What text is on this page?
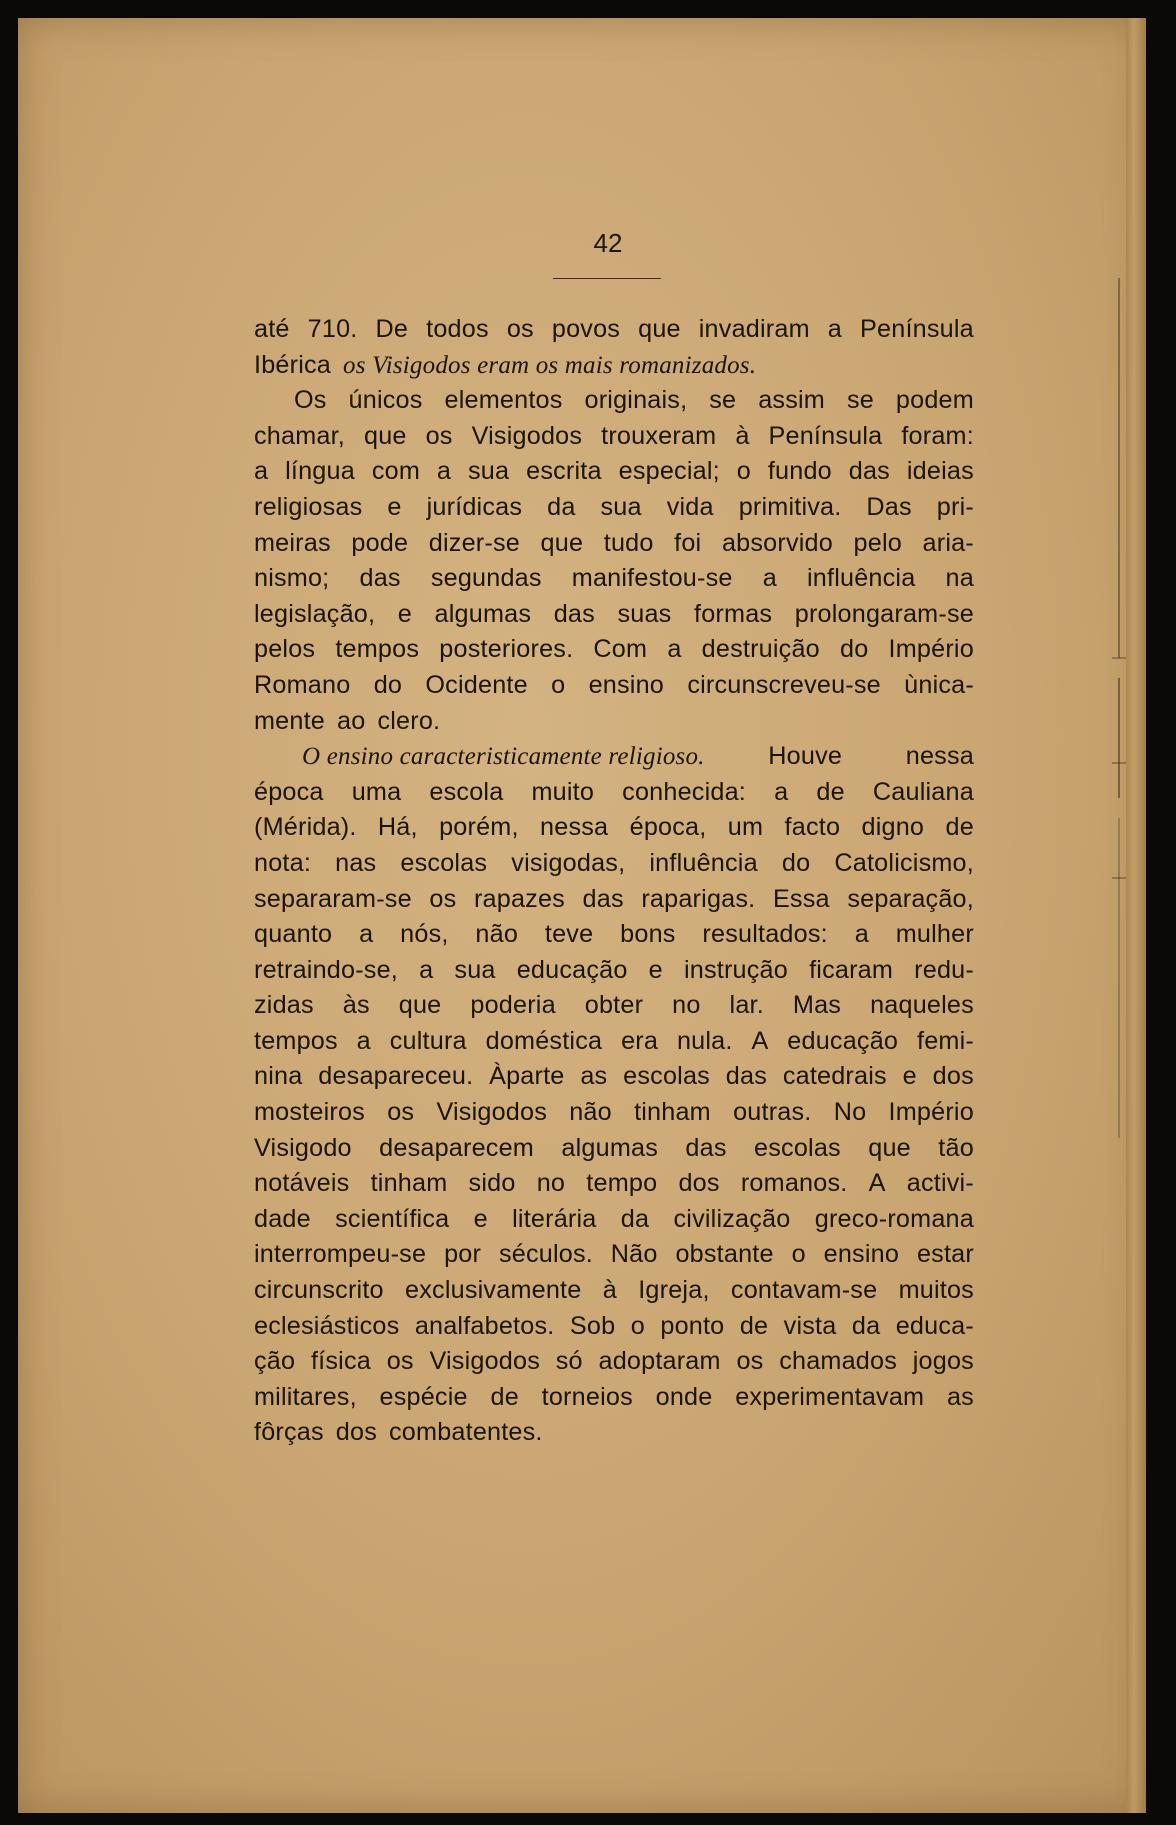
42
até 710. De todos os povos que invadiram a Península
Ibérica os Visigodos eram os mais romanizados.
Os únicos elementos originais, se assim se podem
chamar, que os Visigodos trouxeram à Península foram:
a língua com a sua escrita especial; o fundo das ideias
religiosas e jurídicas da sua vida primitiva. Das pri-
meiras pode dizer-se que tudo foi absorvido pelo aria-
nismo; das segundas manifestou-se a influência na
legislação, e algumas das suas formas prolongaram-se
pelos tempos posteriores. Com a destruição do Império
Romano do Ocidente o ensino circunscreveu-se ùnica-
mente ao clero.
O ensino caracteristicamente religioso.	Houve	nessa
época uma escola muito conhecida: a de Cauliana
(Mérida). Há, porém, nessa época, um facto digno de
nota: nas escolas visigodas, influência do Catolicismo,
separaram-se os rapazes das raparigas. Essa separação,
quanto a nós, não teve bons resultados: a mulher
retraindo-se, a sua educação e instrução ficaram redu-
zidas às que poderia obter no lar. Mas naqueles
tempos a cultura doméstica era nula. A educação femi-
nina desapareceu. Àparte as escolas das catedrais e dos
mosteiros os Visigodos não tinham outras. No Império
Visigodo desaparecem algumas das escolas que tão
notáveis tinham sido no tempo dos romanos. A activi-
dade scientífica e literária da civilização greco-romana
interrompeu-se por séculos. Não obstante o ensino estar
circunscrito exclusivamente à Igreja, contavam-se muitos
eclesiásticos analfabetos. Sob o ponto de vista da educa-
ção física os Visigodos só adoptaram os chamados jogos
militares, espécie de torneios onde experimentavam as
fôrças dos combatentes.
